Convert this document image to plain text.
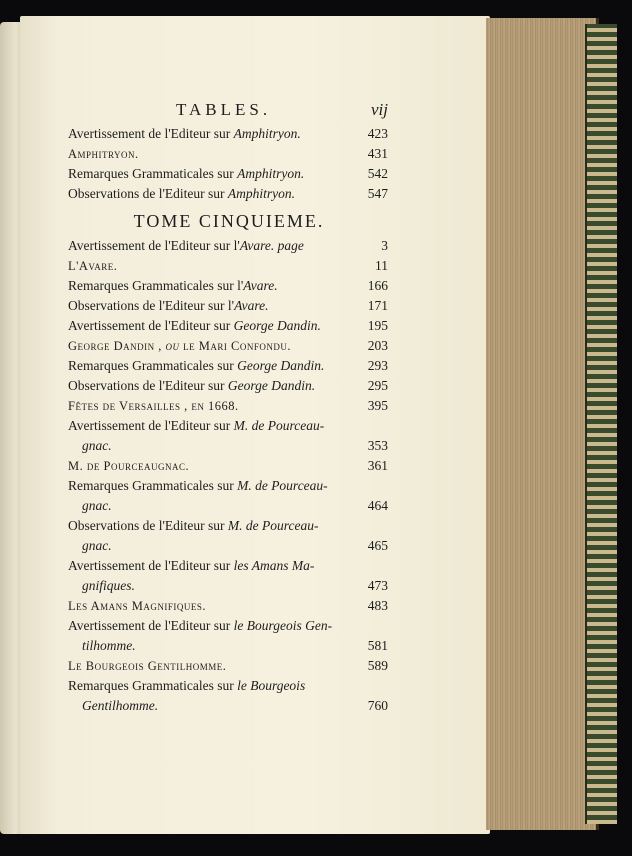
TABLES.	vij
Avertissement de l'Editeur sur Amphitryon.	423
Amphitryon.	431
Remarques Grammaticales sur Amphitryon.	542
Observations de l'Editeur sur Amphitryon.	547
TOME CINQUIEME.
Avertissement de l'Editeur sur l'Avare. page	3
L'Avare.	11
Remarques Grammaticales sur l'Avare.	166
Observations de l'Editeur sur l'Avare.	171
Avertissement de l'Editeur sur George Dandin.	195
George Dandin , ou le Mari Confondu.	203
Remarques Grammaticales sur George Dandin.	293
Observations de l'Editeur sur George Dandin.	295
Fêtes de Versailles , en 1668.	395
Avertissement de l'Editeur sur M. de Pourceau-
gnac.	353
M. de Pourceaugnac.	361
Remarques Grammaticales sur M. de Pourceau-
gnac.	464
Observations de l'Editeur sur M. de Pourceau-
gnac.	465
Avertissement de l'Editeur sur les Amans Ma-
gnifiques.	473
Les Amans Magnifiques.	483
Avertissement de l'Editeur sur le Bourgeois Gen-
tilhomme.	581
Le Bourgeois Gentilhomme.	589
Remarques Grammaticales sur le Bourgeois
Gentilhomme.	760
